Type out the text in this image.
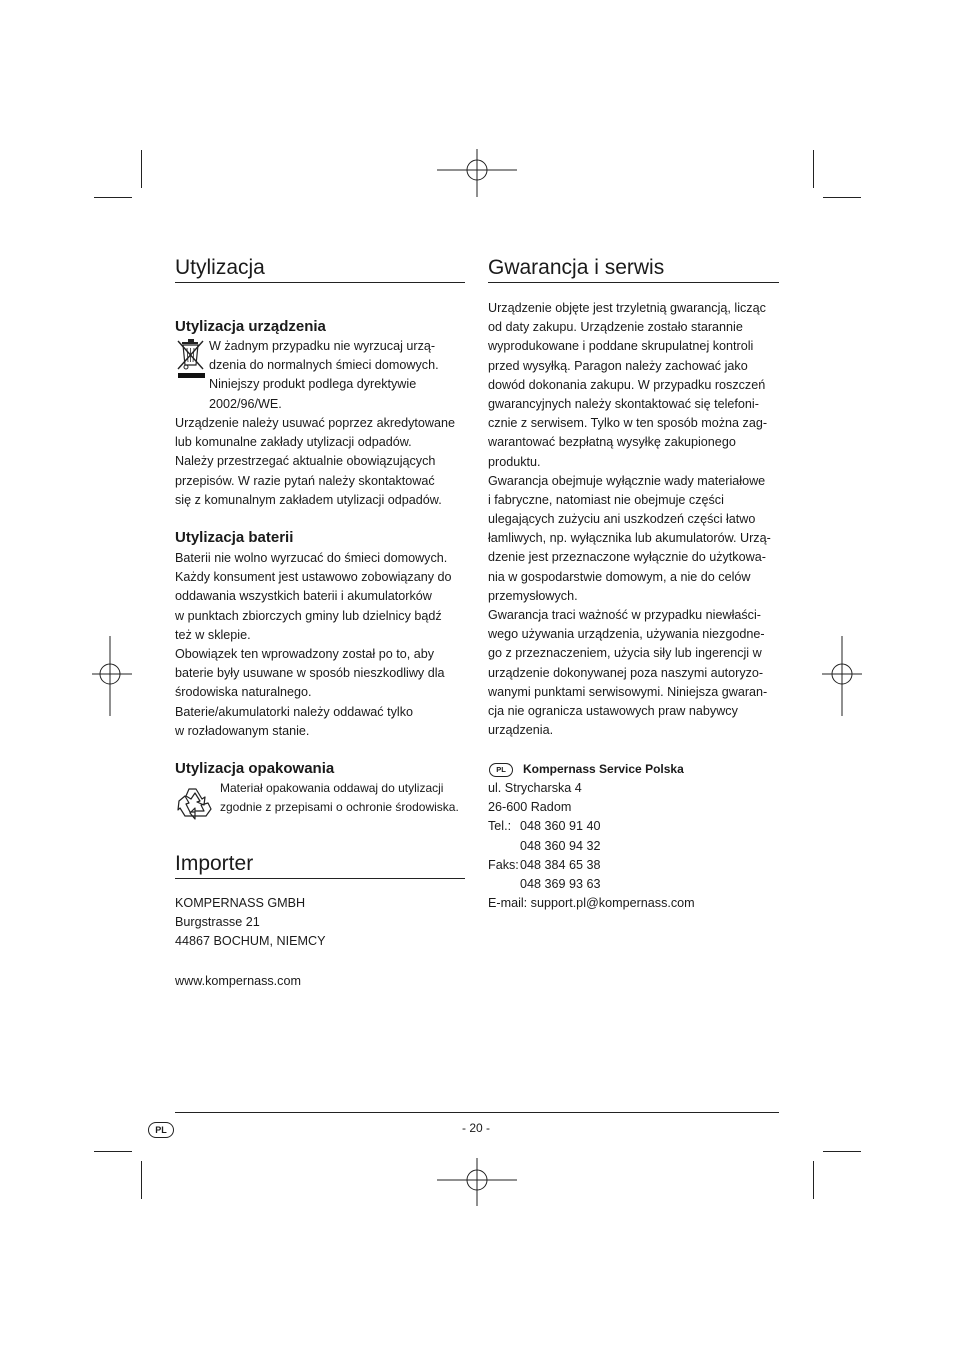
Utylizacja
Utylizacja urządzenia
W żadnym przypadku nie wyrzucaj urzą-
dzenia do normalnych śmieci domowych.
Niniejszy produkt podlega dyrektywie
2002/96/WE.
Urządzenie należy usuwać poprzez akredytowane
lub komunalne zakłady utylizacji odpadów.
Należy przestrzegać aktualnie obowiązujących
przepisów. W razie pytań należy skontaktować
się z komunalnym zakładem utylizacji odpadów.
Utylizacja baterii
Baterii nie wolno wyrzucać do śmieci domowych.
Każdy konsument jest ustawowo zobowiązany do
oddawania wszystkich baterii i akumulatorków
w punktach zbiorczych gminy lub dzielnicy bądź
też w sklepie.
Obowiązek ten wprowadzony został po to, aby
baterie były usuwane w sposób nieszkodliwy dla
środowiska naturalnego.
Baterie/akumulatorki należy oddawać tylko
w rozładowanym stanie.
Utylizacja opakowania
Materiał opakowania oddawaj do utylizacji
zgodnie z przepisami o ochronie środowiska.
Importer
KOMPERNASS GMBH
Burgstrasse 21
44867 BOCHUM, NIEMCY
www.kompernass.com
Gwarancja i serwis
Urządzenie objęte jest trzyletnią gwarancją, licząc
od daty zakupu. Urządzenie zostało starannie
wyprodukowane i poddane skrupulatnej kontroli
przed wysyłką. Paragon należy zachować jako
dowód dokonania zakupu. W przypadku roszczeń
gwarancyjnych należy skontaktować się telefoni-
cznie z serwisem. Tylko w ten sposób można zag-
warantować bezpłatną wysyłkę zakupionego
produktu.
Gwarancja obejmuje wyłącznie wady materiałowe
i fabryczne, natomiast nie obejmuje części
ulegających zużyciu ani uszkodzeń części łatwo
łamliwych, np. wyłącznika lub akumulatorów. Urzą-
dzenie jest przeznaczone wyłącznie do użytkowa-
nia w gospodarstwie domowym, a nie do celów
przemysłowych.
Gwarancja traci ważność w przypadku niewłaści-
wego używania urządzenia, używania niezgodne-
go z przeznaczeniem, użycia siły lub ingerencji w
urządzenie dokonywanej poza naszymi autoryzo-
wanymi punktami serwisowymi. Niniejsza gwaran-
cja nie ogranicza ustawowych praw nabywcy
urządzenia.
PL	Kompernass Service Polska
ul. Strycharska 4
26-600 Radom
Tel.: 048 360 91 40
048 360 94 32
Faks:048 384 65 38
048 369 93 63
E-mail: support.pl@kompernass.com
PL	- 20 -
